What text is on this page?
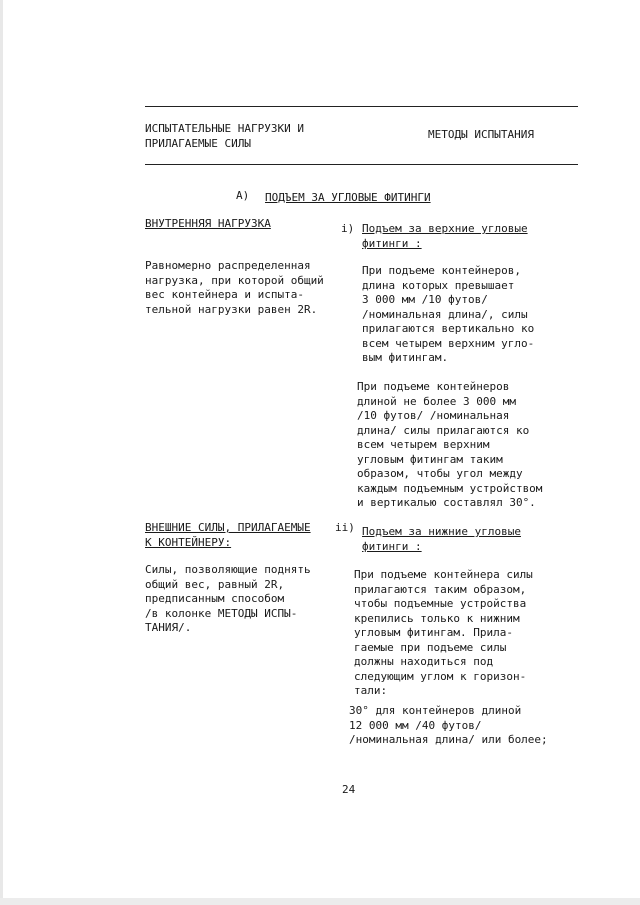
ИСПЫТАТЕЛЬНЫЕ НАГРУЗКИ И
ПРИЛАГАЕМЫЕ СИЛЫ
МЕТОДЫ ИСПЫТАНИЯ
А) ПОДЪЕМ ЗА УГЛОВЫЕ ФИТИНГИ
ВНУТРЕННЯЯ НАГРУЗКА
Равномерно распределенная
нагрузка, при которой общий
вес контейнера и испыта-
тельной нагрузки равен 2R.
i) Подъем за верхние угловые
фитинги :
При подъеме контейнеров,
длина которых превышает
3 000 мм /10 футов/
/номинальная длина/, силы
прилагаются вертикально ко
всем четырем верхним угло-
вым фитингам.
При подъеме контейнеров
длиной не более 3 000 мм
/10 футов/ /номинальная
длина/ силы прилагаются ко
всем четырем верхним
угловым фитингам таким
образом, чтобы угол между
каждым подъемным устройством
и вертикалью составлял 30°.
ВНЕШНИЕ СИЛЫ, ПРИЛАГАЕМЫЕ
К КОНТЕЙНЕРУ:
Силы, позволяющие поднять
общий вес, равный 2R,
предписанным способом
/в колонке МЕТОДЫ ИСПЫ-
ТАНИЯ/.
ii) Подъем за нижние угловые
фитинги :
При подъеме контейнера силы
прилагаются таким образом,
чтобы подъемные устройства
крепились только к нижним
угловым фитингам. Прила-
гаемые при подъеме силы
должны находиться под
следующим углом к горизон-
тали:
30° для контейнеров длиной
12 000 мм /40 футов/
/номинальная длина/ или более;
24
